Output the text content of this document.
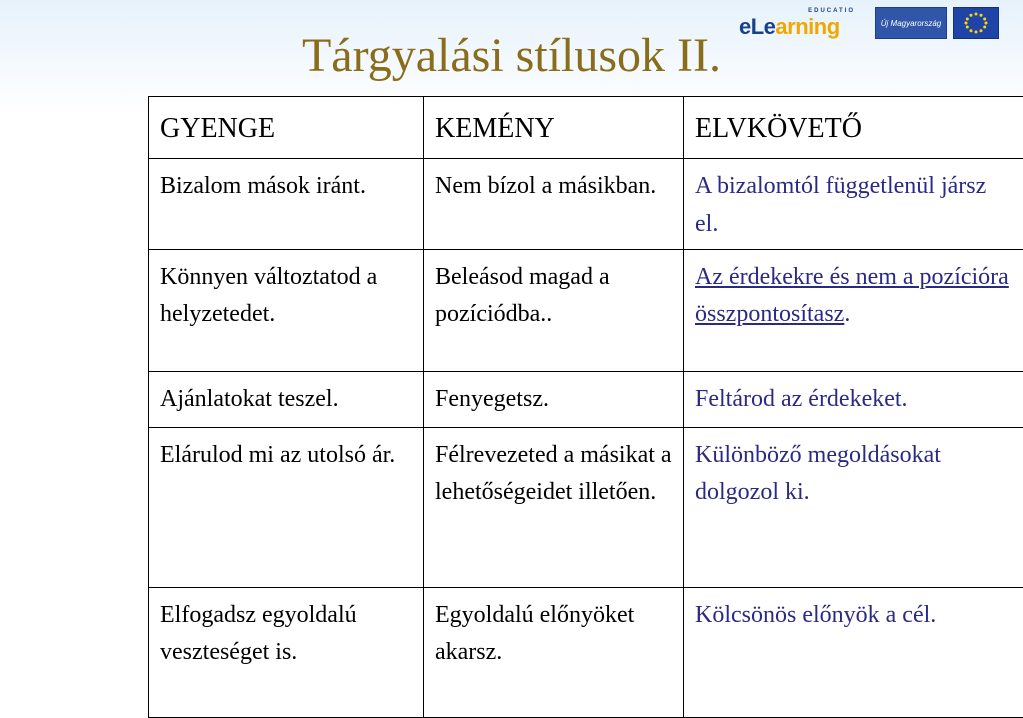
EDUCATIO
eLearning	Új Magyarország
Tárgyalási stílusok II.
GYENGE	KEMÉNY	ELVKÖVETŐ
Bizalom mások iránt.	Nem bízol a másikban.	A bizalomtól függetlenül jársz el.
Könnyen változtatod a helyzetedet.	Beleásod magad a pozíciódba..	Az érdekekre és nem a pozícióra összpontosítasz.
Ajánlatokat teszel.	Fenyegetsz.	Feltárod az érdekeket.
Elárulod mi az utolsó ár.	Félrevezeted a másikat a lehetőségeidet illetően.	Különböző megoldásokat dolgozol ki.
Elfogadsz egyoldalú veszteséget is.	Egyoldalú előnyöket akarsz.	Kölcsönös előnyök a cél.
